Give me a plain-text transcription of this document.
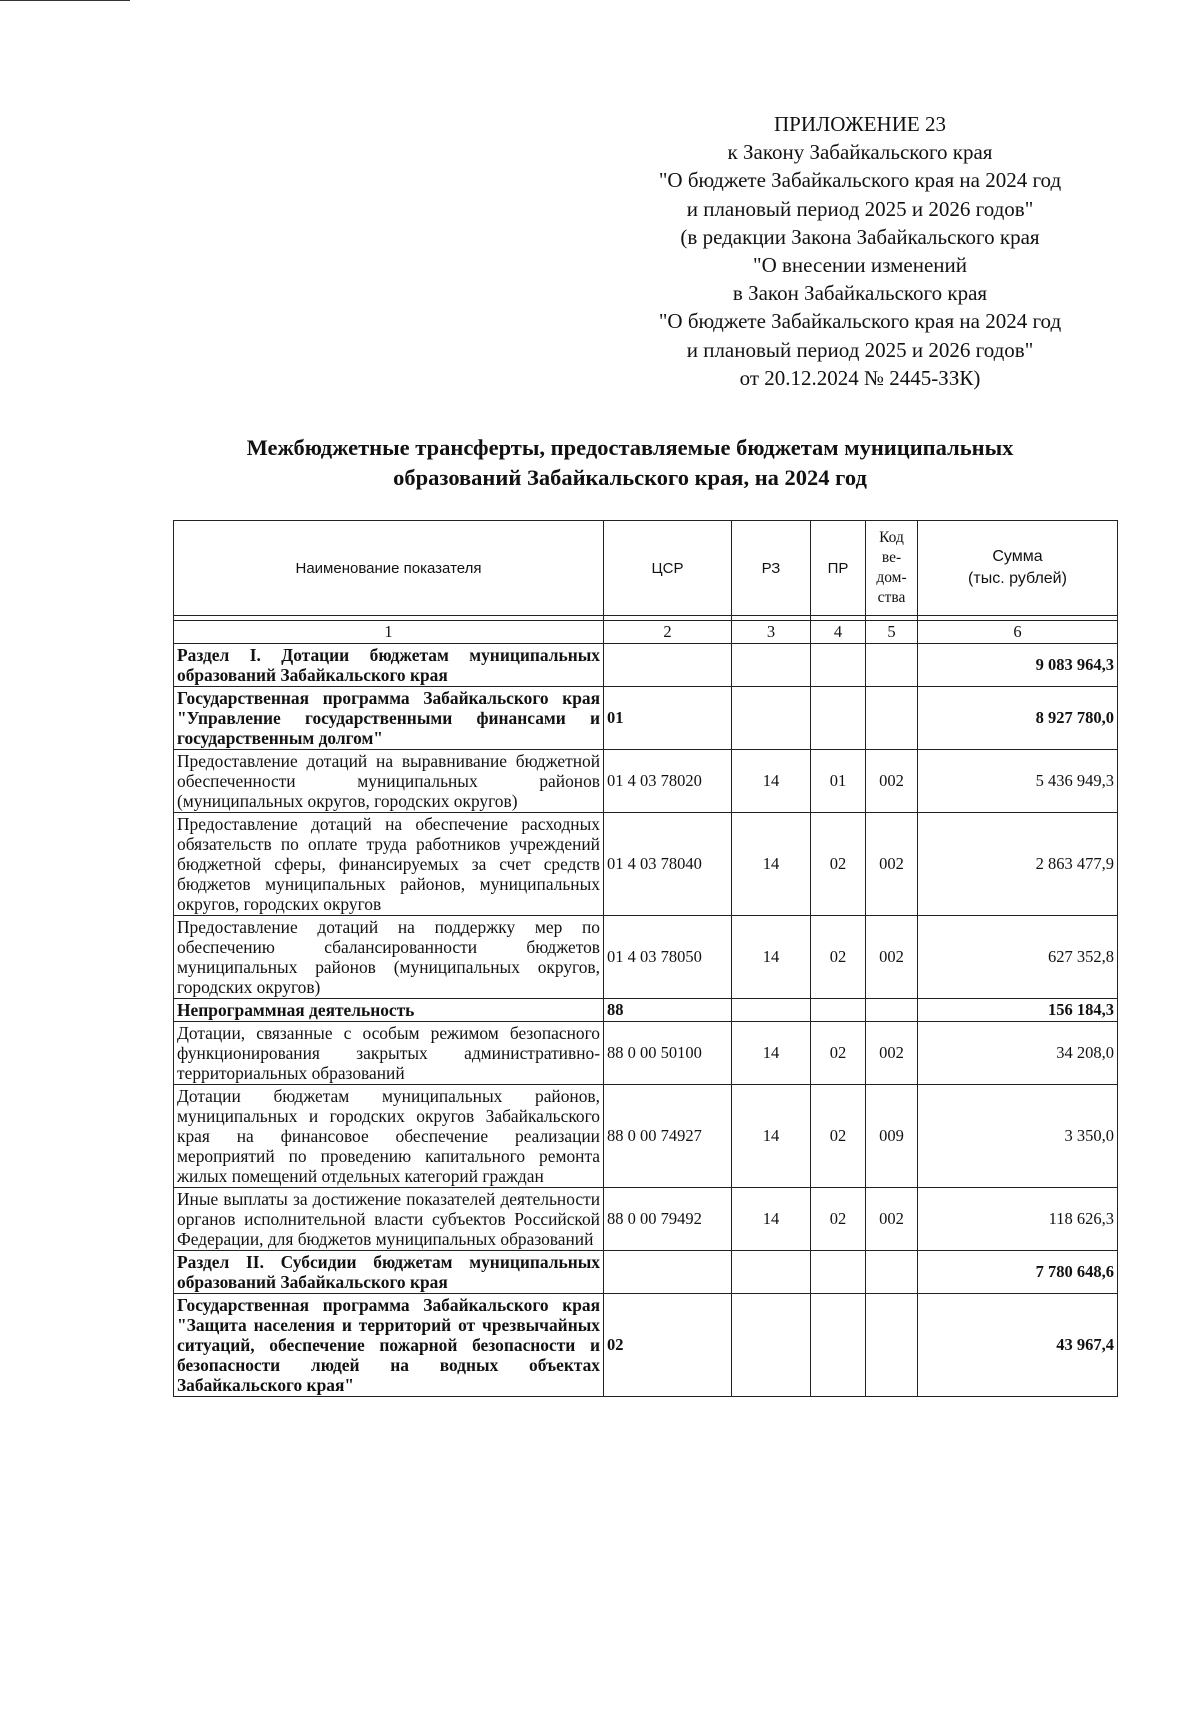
ПРИЛОЖЕНИЕ 23
к Закону Забайкальского края
"О бюджете Забайкальского края на 2024 год
и плановый период 2025 и 2026 годов"
(в редакции Закона Забайкальского края
"О внесении изменений
в Закон Забайкальского края
"О бюджете Забайкальского края на 2024 год
и плановый период 2025 и 2026 годов"
от 20.12.2024 № 2445-ЗЗК)
Межбюджетные трансферты, предоставляемые бюджетам муниципальных
образований Забайкальского края, на 2024 год
Наименование показателя	ЦСР	РЗ	ПР	Код ве- дом- ства	Сумма
(тыс. рублей)

1	2	3	4	5	6
Раздел I. Дотации бюджетам муниципальных образований Забайкальского края					9 083 964,3
Государственная программа Забайкальского края "Управление государственными финансами и государственным долгом"	01				8 927 780,0
Предоставление дотаций на выравнивание бюджетной обеспеченности муниципальных районов (муниципальных округов, городских округов)	01 4 03 78020	14	01	002	5 436 949,3
Предоставление дотаций на обеспечение расходных обязательств по оплате труда работников учреждений бюджетной сферы, финансируемых за счет средств бюджетов муниципальных районов, муниципальных округов, городских округов	01 4 03 78040	14	02	002	2 863 477,9
Предоставление дотаций на поддержку мер по обеспечению сбалансированности бюджетов муниципальных районов (муниципальных округов, городских округов)	01 4 03 78050	14	02	002	627 352,8
Непрограммная деятельность	88				156 184,3
Дотации, связанные с особым режимом безопасного функционирования закрытых административно-территориальных образований	88 0 00 50100	14	02	002	34 208,0
Дотации бюджетам муниципальных районов, муниципальных и городских округов Забайкальского края на финансовое обеспечение реализации мероприятий по проведению капитального ремонта жилых помещений отдельных категорий граждан	88 0 00 74927	14	02	009	3 350,0
Иные выплаты за достижение показателей деятельности органов исполнительной власти субъектов Российской Федерации, для бюджетов муниципальных образований	88 0 00 79492	14	02	002	118 626,3
Раздел II. Субсидии бюджетам муниципальных образований Забайкальского края					7 780 648,6
Государственная программа Забайкальского края "Защита населения и территорий от чрезвычайных ситуаций, обеспечение пожарной безопасности и безопасности людей на водных объектах Забайкальского края"	02				43 967,4
